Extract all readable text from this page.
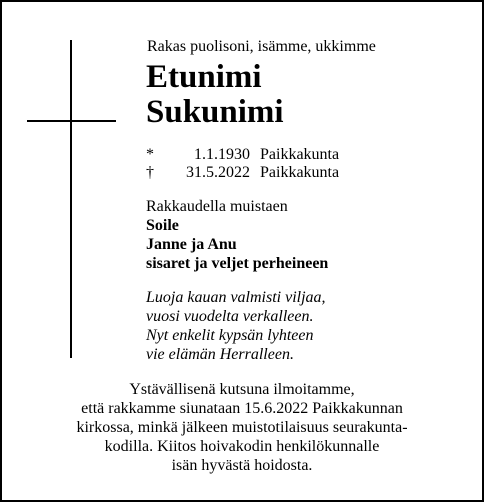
Rakas puolisoni, isämme, ukkimme
Etunimi
Sukunimi
*	1.1.1930 Paikkakunta
†	31.5.2022 Paikkakunta
Rakkaudella muistaen
Soile
Janne ja Anu
sisaret ja veljet perheineen
Luoja kauan valmisti viljaa,
vuosi vuodelta verkalleen.
Nyt enkelit kypsän lyhteen
vie elämän Herralleen.
Ystävällisenä kutsuna ilmoitamme,
että rakkamme siunataan 15.6.2022 Paikkakunnan
kirkossa, minkä jälkeen muistotilaisuus seurakunta-
kodilla. Kiitos hoivakodin henkilökunnalle
isän hyvästä hoidosta.
